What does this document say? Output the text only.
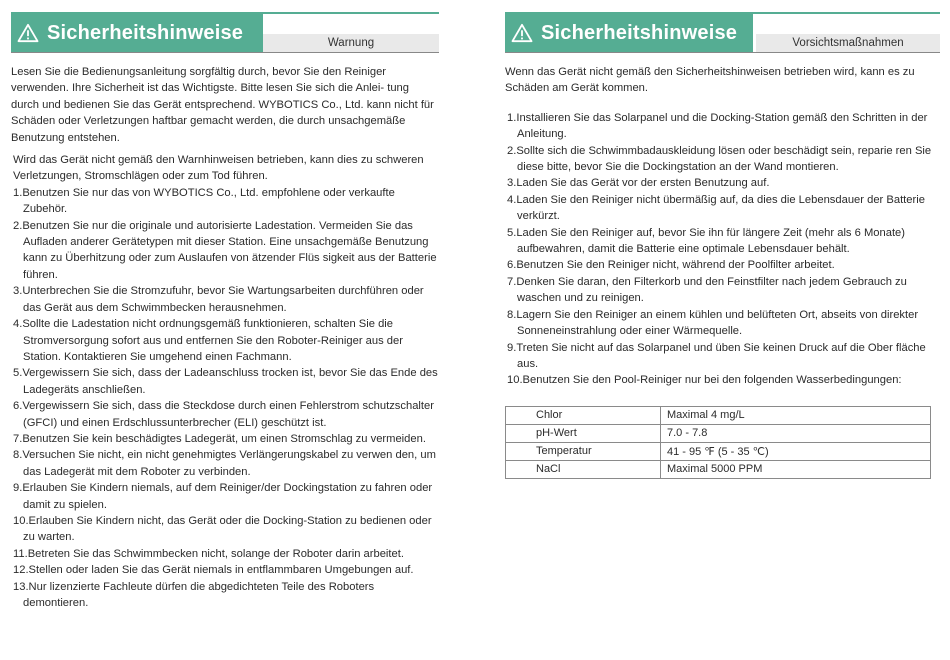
Sicherheitshinweise	Warnung

Lesen Sie die Bedienungsanleitung sorgfältig durch, bevor Sie den Reiniger verwenden. Ihre Sicherheit ist das Wichtigste. Bitte lesen Sie sich die Anlei- tung durch und bedienen Sie das Gerät entsprechend. WYBOTICS Co., Ltd. kann nicht für Schäden oder Verletzungen haftbar gemacht werden, die durch unsachgemäße Benutzung entstehen.

Wird das Gerät nicht gemäß den Warnhinweisen betrieben, kann dies zu schweren Verletzungen, Stromschlägen oder zum Tod führen.

1.Benutzen Sie nur das von WYBOTICS Co., Ltd. empfohlene oder verkaufte Zubehör.
2.Benutzen Sie nur die originale und autorisierte Ladestation. Vermeiden Sie das Aufladen anderer Gerätetypen mit dieser Station. Eine unsachgemäße Benutzung kann zu Überhitzung oder zum Auslaufen von ätzender Flüs sigkeit aus der Batterie führen.
3.Unterbrechen Sie die Stromzufuhr, bevor Sie Wartungsarbeiten durchführen oder das Gerät aus dem Schwimmbecken herausnehmen.
4.Sollte die Ladestation nicht ordnungsgemäß funktionieren, schalten Sie die Stromversorgung sofort aus und entfernen Sie den Roboter-Reiniger aus der Station. Kontaktieren Sie umgehend einen Fachmann.
5.Vergewissern Sie sich, dass der Ladeanschluss trocken ist, bevor Sie das Ende des Ladegeräts anschließen.
6.Vergewissern Sie sich, dass die Steckdose durch einen Fehlerstrom schutzschalter (GFCI) und einen Erdschlussunterbrecher (ELI) geschützt ist.
7.Benutzen Sie kein beschädigtes Ladegerät, um einen Stromschlag zu vermeiden.
8.Versuchen Sie nicht, ein nicht genehmigtes Verlängerungskabel zu verwen den, um das Ladegerät mit dem Roboter zu verbinden.
9.Erlauben Sie Kindern niemals, auf dem Reiniger/der Dockingstation zu fahren oder damit zu spielen.
10.Erlauben Sie Kindern nicht, das Gerät oder die Docking-Station zu bedienen oder zu warten.
11.Betreten Sie das Schwimmbecken nicht, solange der Roboter darin arbeitet.
12.Stellen oder laden Sie das Gerät niemals in entflammbaren Umgebungen auf.
13.Nur lizenzierte Fachleute dürfen die abgedichteten Teile des Roboters demontieren.
Sicherheitshinweise	Vorsichtsmaßnahmen

Wenn das Gerät nicht gemäß den Sicherheitshinweisen betrieben wird, kann es zu Schäden am Gerät kommen.

1.Installieren Sie das Solarpanel und die Docking-Station gemäß den Schritten in der Anleitung.
2.Sollte sich die Schwimmbadauskleidung lösen oder beschädigt sein, reparie ren Sie diese bitte, bevor Sie die Dockingstation an der Wand montieren.
3.Laden Sie das Gerät vor der ersten Benutzung auf.
4.Laden Sie den Reiniger nicht übermäßig auf, da dies die Lebensdauer der Batterie verkürzt.
5.Laden Sie den Reiniger auf, bevor Sie ihn für längere Zeit (mehr als 6 Monate) aufbewahren, damit die Batterie eine optimale Lebensdauer behält.
6.Benutzen Sie den Reiniger nicht, während der Poolfilter arbeitet.
7.Denken Sie daran, den Filterkorb und den Feinstfilter nach jedem Gebrauch zu waschen und zu reinigen.
8.Lagern Sie den Reiniger an einem kühlen und belüfteten Ort, abseits von direkter Sonneneinstrahlung oder einer Wärmequelle.
9.Treten Sie nicht auf das Solarpanel und üben Sie keinen Druck auf die Ober fläche aus.
10.Benutzen Sie den Pool-Reiniger nur bei den folgenden Wasserbedingungen:
Chlor	Maximal 4 mg/L
pH-Wert	7.0 - 7.8
Temperatur	41 - 95 ℉ (5 - 35 ℃)
NaCl	Maximal 5000 PPM
